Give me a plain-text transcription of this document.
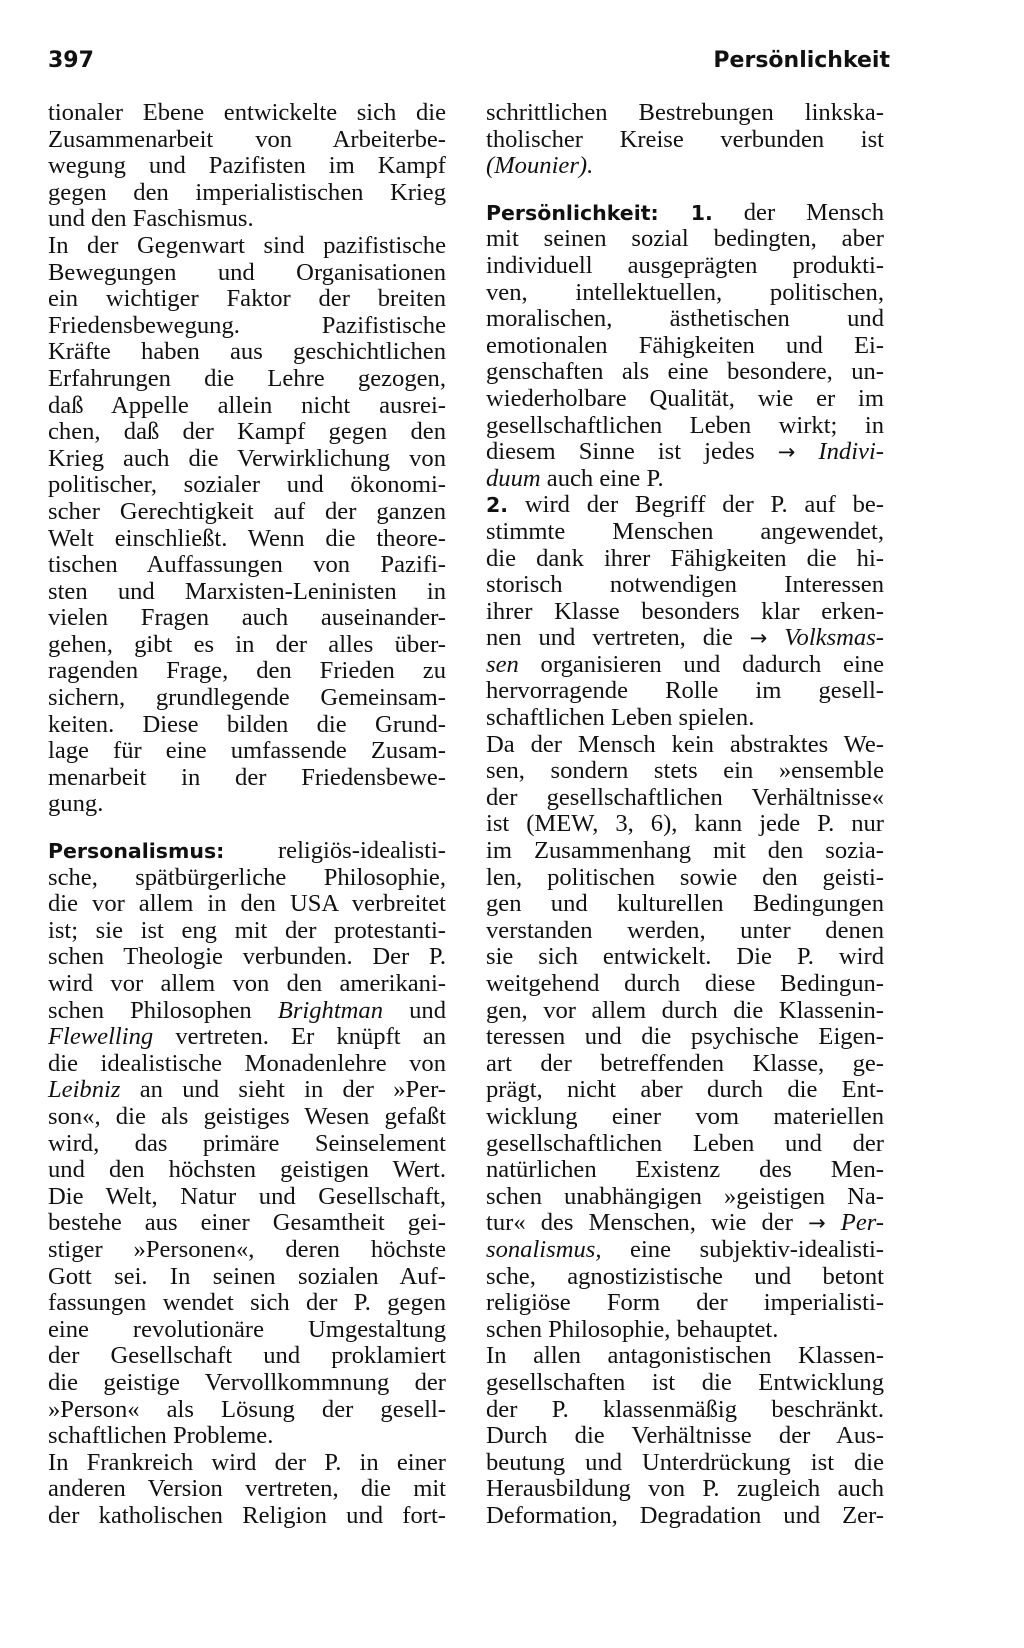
397	Persönlichkeit
tionaler Ebene entwickelte sich die
Zusammenarbeit von Arbeiterbe-
wegung und Pazifisten im Kampf
gegen den imperialistischen Krieg
und den Faschismus.
In der Gegenwart sind pazifistische
Bewegungen und Organisationen
ein wichtiger Faktor der breiten
Friedensbewegung. Pazifistische
Kräfte haben aus geschichtlichen
Erfahrungen die Lehre gezogen,
daß Appelle allein nicht ausrei-
chen, daß der Kampf gegen den
Krieg auch die Verwirklichung von
politischer, sozialer und ökonomi-
scher Gerechtigkeit auf der ganzen
Welt einschließt. Wenn die theore-
tischen Auffassungen von Pazifi-
sten und Marxisten-Leninisten in
vielen Fragen auch auseinander-
gehen, gibt es in der alles über-
ragenden Frage, den Frieden zu
sichern, grundlegende Gemeinsam-
keiten. Diese bilden die Grund-
lage für eine umfassende Zusam-
menarbeit in der Friedensbewe-
gung.
Personalismus: religiös-idealisti-
sche, spätbürgerliche Philosophie,
die vor allem in den USA verbreitet
ist; sie ist eng mit der protestanti-
schen Theologie verbunden. Der P.
wird vor allem von den amerikani-
schen Philosophen Brightman und
Flewelling vertreten. Er knüpft an
die idealistische Monadenlehre von
Leibniz an und sieht in der »Per-
son«, die als geistiges Wesen gefaßt
wird, das primäre Seinselement
und den höchsten geistigen Wert.
Die Welt, Natur und Gesellschaft,
bestehe aus einer Gesamtheit gei-
stiger »Personen«, deren höchste
Gott sei. In seinen sozialen Auf-
fassungen wendet sich der P. gegen
eine revolutionäre Umgestaltung
der Gesellschaft und proklamiert
die geistige Vervollkommnung der
»Person« als Lösung der gesell-
schaftlichen Probleme.
In Frankreich wird der P. in einer
anderen Version vertreten, die mit
der katholischen Religion und fort-
schrittlichen Bestrebungen linkska-
tholischer Kreise verbunden ist
(Mounier).
Persönlichkeit: 1. der Mensch
mit seinen sozial bedingten, aber
individuell ausgeprägten produkti-
ven, intellektuellen, politischen,
moralischen, ästhetischen und
emotionalen Fähigkeiten und Ei-
genschaften als eine besondere, un-
wiederholbare Qualität, wie er im
gesellschaftlichen Leben wirkt; in
diesem Sinne ist jedes → Indivi-
duum auch eine P.
2. wird der Begriff der P. auf be-
stimmte Menschen angewendet,
die dank ihrer Fähigkeiten die hi-
storisch notwendigen Interessen
ihrer Klasse besonders klar erken-
nen und vertreten, die → Volksmas-
sen organisieren und dadurch eine
hervorragende Rolle im gesell-
schaftlichen Leben spielen.
Da der Mensch kein abstraktes We-
sen, sondern stets ein »ensemble
der gesellschaftlichen Verhältnisse«
ist (MEW, 3, 6), kann jede P. nur
im Zusammenhang mit den sozia-
len, politischen sowie den geisti-
gen und kulturellen Bedingungen
verstanden werden, unter denen
sie sich entwickelt. Die P. wird
weitgehend durch diese Bedingun-
gen, vor allem durch die Klassenin-
teressen und die psychische Eigen-
art der betreffenden Klasse, ge-
prägt, nicht aber durch die Ent-
wicklung einer vom materiellen
gesellschaftlichen Leben und der
natürlichen Existenz des Men-
schen unabhängigen »geistigen Na-
tur« des Menschen, wie der → Per-
sonalismus, eine subjektiv-idealisti-
sche, agnostizistische und betont
religiöse Form der imperialisti-
schen Philosophie, behauptet.
In allen antagonistischen Klassen-
gesellschaften ist die Entwicklung
der P. klassenmäßig beschränkt.
Durch die Verhältnisse der Aus-
beutung und Unterdrückung ist die
Herausbildung von P. zugleich auch
Deformation, Degradation und Zer-
